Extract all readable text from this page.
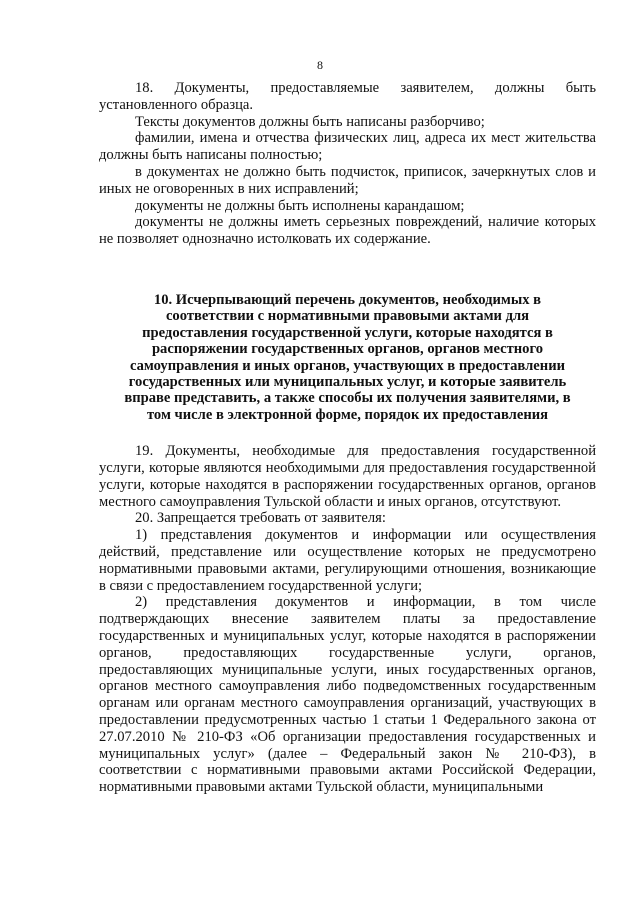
8

18. Документы, предоставляемые заявителем, должны быть установленного образца.

Тексты документов должны быть написаны разборчиво;

фамилии, имена и отчества физических лиц, адреса их мест жительства должны быть написаны полностью;

в документах не должно быть подчисток, приписок, зачеркнутых слов и иных не оговоренных в них исправлений;

документы не должны быть исполнены карандашом;

документы не должны иметь серьезных повреждений, наличие которых не позволяет однозначно истолковать их содержание.

10. Исчерпывающий перечень документов, необходимых в соответствии с нормативными правовыми актами для предоставления государственной услуги, которые находятся в распоряжении государственных органов, органов местного самоуправления и иных органов, участвующих в предоставлении государственных или муниципальных услуг, и которые заявитель вправе представить, а также способы их получения заявителями, в том числе в электронной форме, порядок их предоставления

19. Документы, необходимые для предоставления государственной услуги, которые являются необходимыми для предоставления государственной услуги, которые находятся в распоряжении государственных органов, органов местного самоуправления Тульской области и иных органов, отсутствуют.

20. Запрещается требовать от заявителя:

1) представления документов и информации или осуществления действий, представление или осуществление которых не предусмотрено нормативными правовыми актами, регулирующими отношения, возникающие в связи с предоставлением государственной услуги;

2) представления документов и информации, в том числе подтверждающих внесение заявителем платы за предоставление государственных и муниципальных услуг, которые находятся в распоряжении органов, предоставляющих государственные услуги, органов, предоставляющих муниципальные услуги, иных государственных органов, органов местного самоуправления либо подведомственных государственным органам или органам местного самоуправления организаций, участвующих в предоставлении предусмотренных частью 1 статьи 1 Федерального закона от 27.07.2010 № 210-ФЗ «Об организации предоставления государственных и муниципальных услуг» (далее – Федеральный закон № 210-ФЗ), в соответствии с нормативными правовыми актами Российской Федерации, нормативными правовыми актами Тульской области, муниципальными
